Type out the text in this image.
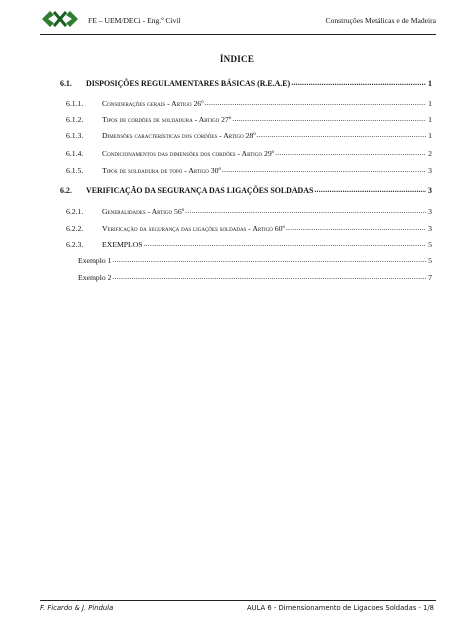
FE – UEM/DECi - Eng.º Civil	Construções Metálicas e de Madeira
ÍNDICE
6.1.	DISPOSIÇÕES REGULAMENTARES BÁSICAS (R.E.A.E) .....	1
6.1.1.	Considerações gerais - Artigo 26º .....	1
6.1.2.	Tipos de cordões de soldadura - Artigo 27º .....	1
6.1.3.	Dimensões características dos cordões - Artigo 28º .....	1
6.1.4.	Condicionamentos das dimensões dos cordões - Artigo 29º .....	2
6.1.5.	Tipos de soldadura de topo - Artigo 30º .....	3
6.2.	VERIFICAÇÃO DA SEGURANÇA DAS LIGAÇÕES SOLDADAS .....	3
6.2.1.	Generalidades - Artigo 56º .....	3
6.2.2.	Verificação da segurança das ligações soldadas - Artigo 60º .....	3
6.2.3.	EXEMPLOS .....	5
Exemplo 1 .....	5
Exemplo 2 .....	7
F. Ficardo & J. Pindula	AULA 6 - Dimensionamento de Ligacoes Soldadas - 1/8
